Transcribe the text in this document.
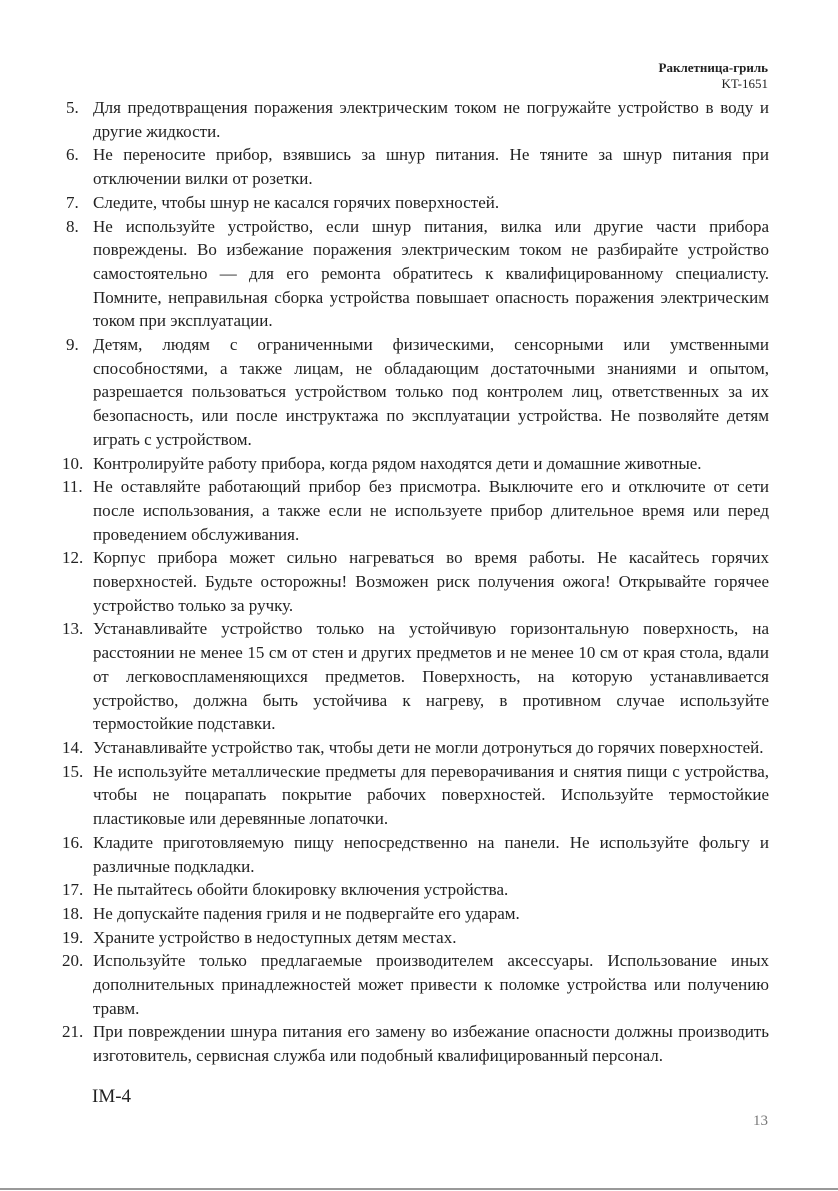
Раклетница-гриль
KT-1651
5. Для предотвращения поражения электрическим током не погружайте устройство в воду и другие жидкости.
6. Не переносите прибор, взявшись за шнур питания. Не тяните за шнур питания при отключении вилки от розетки.
7. Следите, чтобы шнур не касался горячих поверхностей.
8. Не используйте устройство, если шнур питания, вилка или другие части прибора повреждены. Во избежание поражения электрическим током не разбирайте устройство самостоятельно — для его ремонта обратитесь к квалифицированному специалисту. Помните, неправильная сборка устройства повышает опасность поражения электрическим током при эксплуатации.
9. Детям, людям с ограниченными физическими, сенсорными или умственными способностями, а также лицам, не обладающим достаточными знаниями и опытом, разрешается пользоваться устройством только под контролем лиц, ответственных за их безопасность, или после инструктажа по эксплуатации устройства. Не позволяйте детям играть с устройством.
10. Контролируйте работу прибора, когда рядом находятся дети и домашние животные.
11. Не оставляйте работающий прибор без присмотра. Выключите его и отключите от сети после использования, а также если не используете прибор длительное время или перед проведением обслуживания.
12. Корпус прибора может сильно нагреваться во время работы. Не касайтесь горячих поверхностей. Будьте осторожны! Возможен риск получения ожога! Открывайте горячее устройство только за ручку.
13. Устанавливайте устройство только на устойчивую горизонтальную поверхность, на расстоянии не менее 15 см от стен и других предметов и не менее 10 см от края стола, вдали от легковоспламеняющихся предметов. Поверхность, на которую устанавливается устройство, должна быть устойчива к нагреву, в противном случае используйте термостойкие подставки.
14. Устанавливайте устройство так, чтобы дети не могли дотронуться до горячих поверхностей.
15. Не используйте металлические предметы для переворачивания и снятия пищи с устройства, чтобы не поцарапать покрытие рабочих поверхностей. Используйте термостойкие пластиковые или деревянные лопаточки.
16. Кладите приготовляемую пищу непосредственно на панели. Не используйте фольгу и различные подкладки.
17. Не пытайтесь обойти блокировку включения устройства.
18. Не допускайте падения гриля и не подвергайте его ударам.
19. Храните устройство в недоступных детям местах.
20. Используйте только предлагаемые производителем аксессуары. Использование иных дополнительных принадлежностей может привести к поломке устройства или получению травм.
21. При повреждении шнура питания его замену во избежание опасности должны производить изготовитель, сервисная служба или подобный квалифицированный персонал.
IM-4
13
